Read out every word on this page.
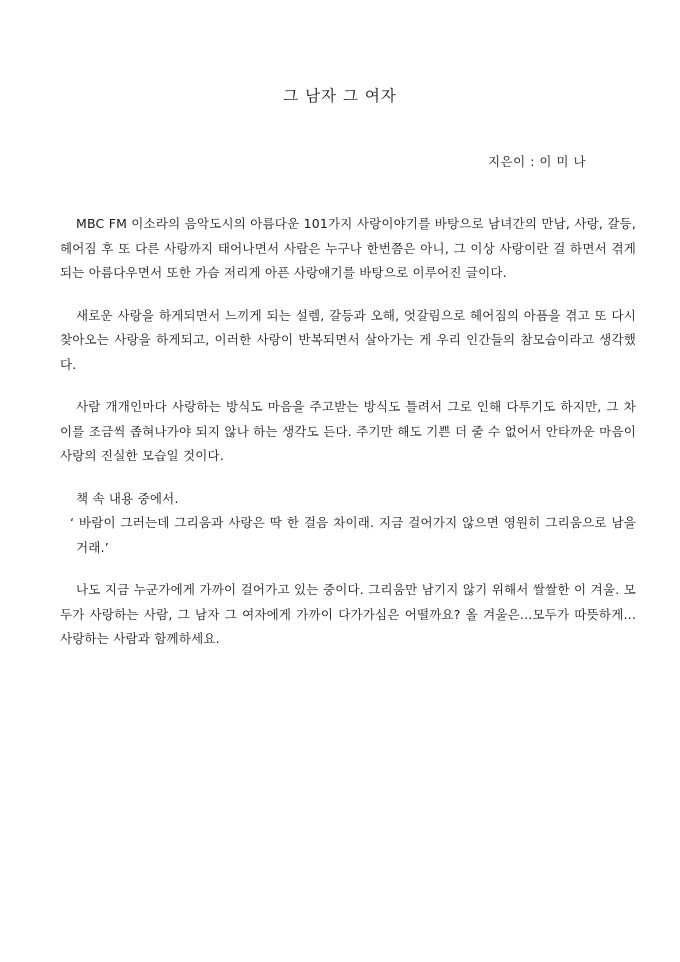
그 남자 그 여자
지은이 : 이 미 나

MBC FM 이소라의 음악도시의 아름다운 101가지 사랑이야기를 바탕으로 남녀간의 만남, 사랑, 갈등, 헤어짐 후 또 다른 사랑까지 태어나면서 사람은 누구나 한번쯤은 아니, 그 이상 사랑이란 걸 하면서 겪게 되는 아름다우면서 또한 가슴 저리게 아픈 사랑얘기를 바탕으로 이루어진 글이다.

새로운 사랑을 하게되면서 느끼게 되는 설렘, 갈등과 오해, 엇갈림으로 헤어짐의 아픔을 겪고 또 다시 찾아오는 사랑을 하게되고, 이러한 사랑이 반복되면서 살아가는 게 우리 인간들의 참모습이라고 생각했다.

사람 개개인마다 사랑하는 방식도 마음을 주고받는 방식도 틀려서 그로 인해 다투기도 하지만, 그 차이를 조금씩 좁혀나가야 되지 않나 하는 생각도 든다. 주기만 해도 기쁜 더 줄 수 없어서 안타까운 마음이 사랑의 진실한 모습일 것이다.

책 속 내용 중에서.

‘ 바람이 그러는데 그리움과 사랑은 딱 한 걸음 차이래. 지금 걸어가지 않으면 영원히 그리움으로 남을거래.’

나도 지금 누군가에게 가까이 걸어가고 있는 중이다. 그리움만 남기지 않기 위해서 쌀쌀한 이 겨울. 모두가 사랑하는 사람, 그 남자 그 여자에게 가까이 다가가심은 어떨까요? 올 겨울은...모두가 따뜻하게...사랑하는 사람과 함께하세요.
